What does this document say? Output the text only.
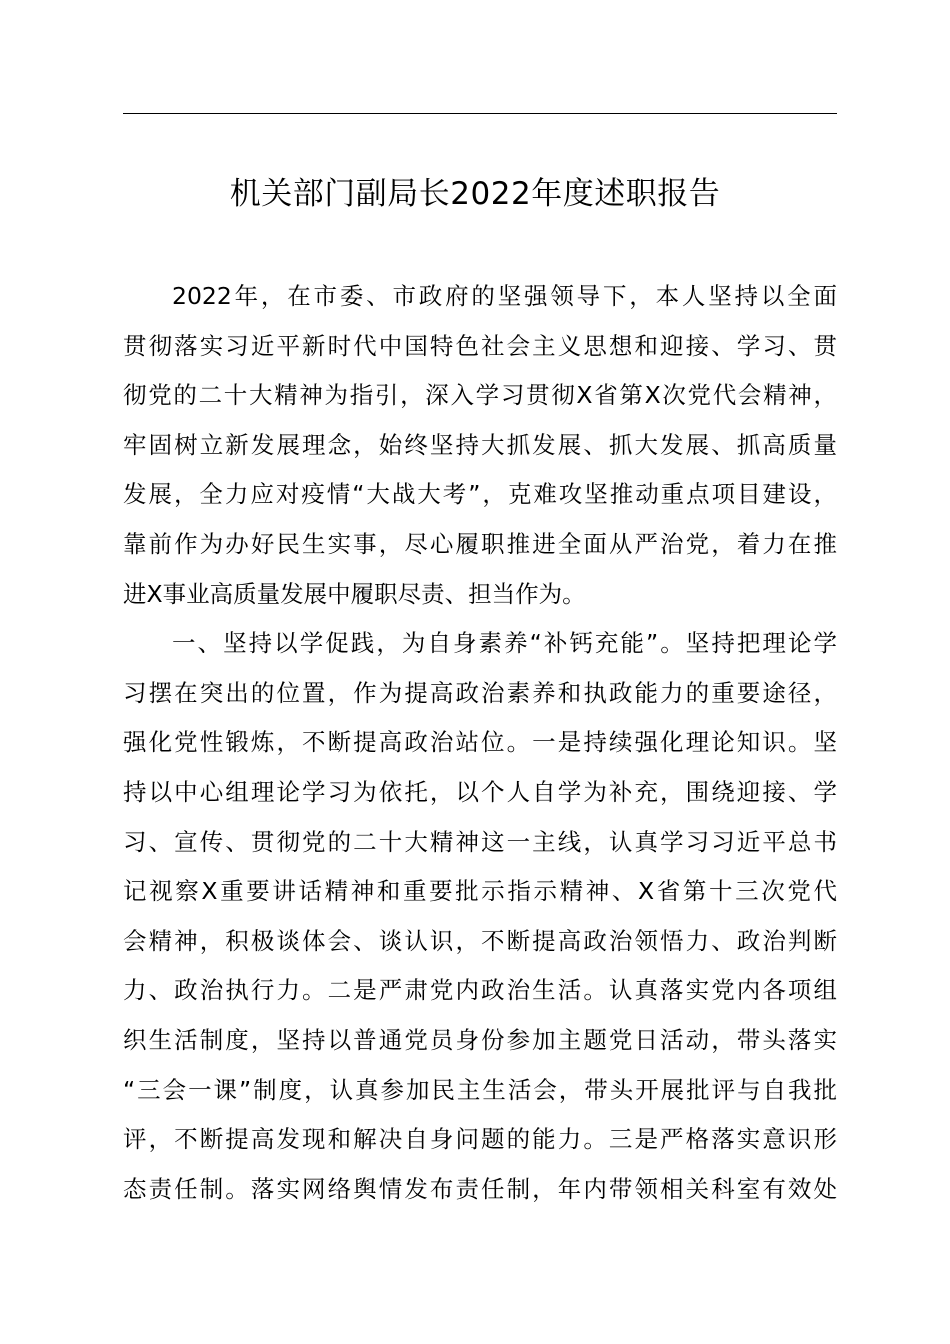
机关部门副局长2022年度述职报告
2022年，在市委、市政府的坚强领导下，本人坚持以全面
贯彻落实习近平新时代中国特色社会主义思想和迎接、学习、贯
彻党的二十大精神为指引，深入学习贯彻X省第X次党代会精神，
牢固树立新发展理念，始终坚持大抓发展、抓大发展、抓高质量
发展，全力应对疫情“大战大考”，克难攻坚推动重点项目建设，
靠前作为办好民生实事，尽心履职推进全面从严治党，着力在推
进X事业高质量发展中履职尽责、担当作为。
一、坚持以学促践，为自身素养“补钙充能”。坚持把理论学
习摆在突出的位置，作为提高政治素养和执政能力的重要途径，
强化党性锻炼，不断提高政治站位。一是持续强化理论知识。坚
持以中心组理论学习为依托，以个人自学为补充，围绕迎接、学
习、宣传、贯彻党的二十大精神这一主线，认真学习习近平总书
记视察X重要讲话精神和重要批示指示精神、X省第十三次党代
会精神，积极谈体会、谈认识，不断提高政治领悟力、政治判断
力、政治执行力。二是严肃党内政治生活。认真落实党内各项组
织生活制度，坚持以普通党员身份参加主题党日活动，带头落实
“三会一课”制度，认真参加民主生活会，带头开展批评与自我批
评，不断提高发现和解决自身问题的能力。三是严格落实意识形
态责任制。落实网络舆情发布责任制，年内带领相关科室有效处
